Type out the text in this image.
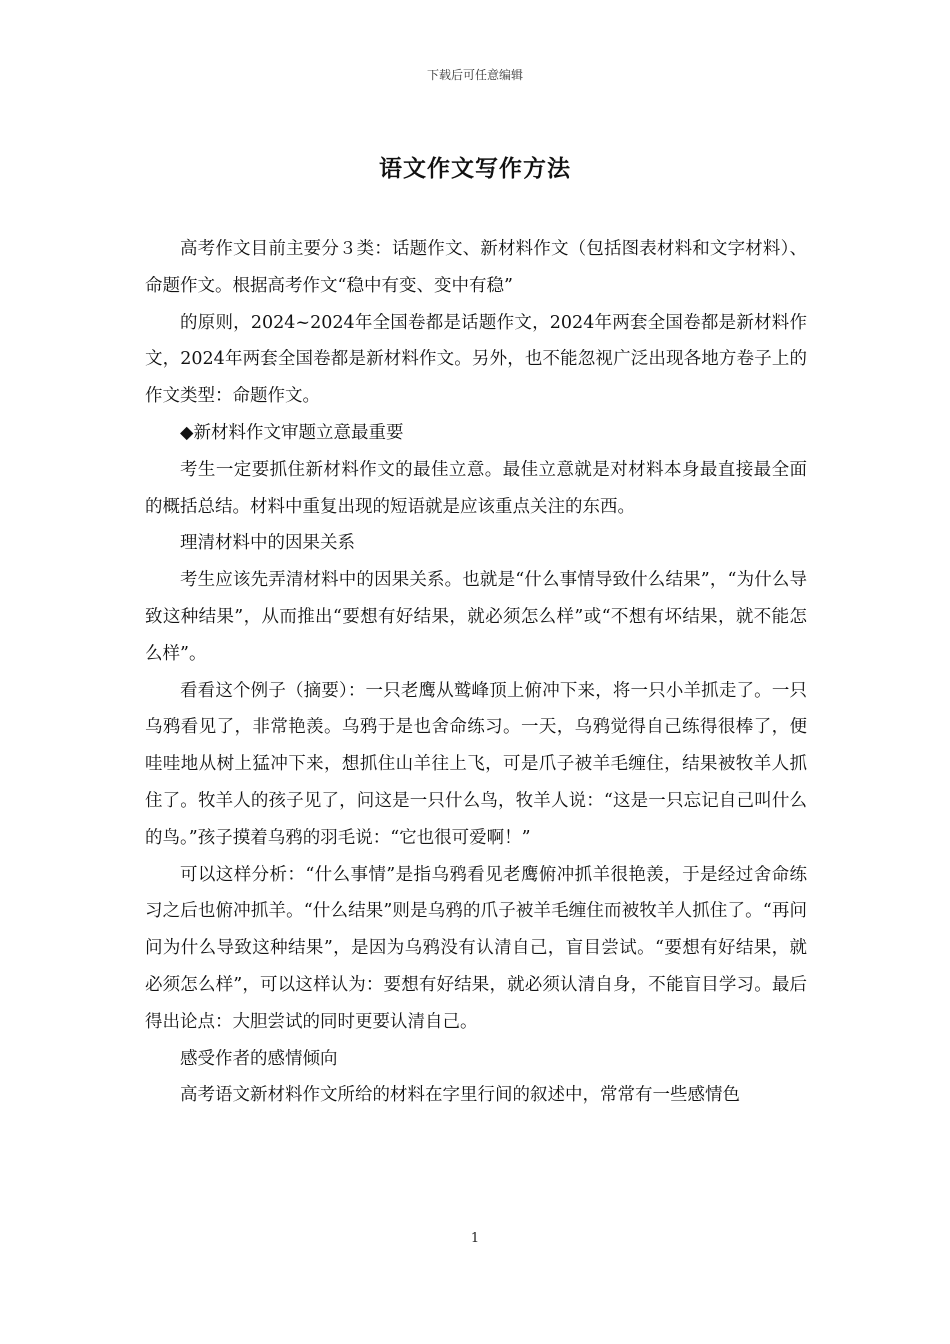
下载后可任意编辑
语文作文写作方法

高考作文目前主要分３类：话题作文、新材料作文（包括图表材料和文字材料）、命题作文。根据高考作文“稳中有变、变中有稳”

的原则，2024~2024年全国卷都是话题作文，2024年两套全国卷都是新材料作文，2024年两套全国卷都是新材料作文。另外，也不能忽视广泛出现各地方卷子上的作文类型：命题作文。

◆新材料作文审题立意最重要

考生一定要抓住新材料作文的最佳立意。最佳立意就是对材料本身最直接最全面的概括总结。材料中重复出现的短语就是应该重点关注的东西。

理清材料中的因果关系

考生应该先弄清材料中的因果关系。也就是“什么事情导致什么结果”，“为什么导致这种结果”，从而推出“要想有好结果，就必须怎么样”或“不想有坏结果，就不能怎么样”。

看看这个例子（摘要）：一只老鹰从鹫峰顶上俯冲下来，将一只小羊抓走了。一只乌鸦看见了，非常艳羡。乌鸦于是也舍命练习。一天，乌鸦觉得自己练得很棒了，便哇哇地从树上猛冲下来，想抓住山羊往上飞，可是爪子被羊毛缠住，结果被牧羊人抓住了。牧羊人的孩子见了，问这是一只什么鸟，牧羊人说：“这是一只忘记自己叫什么的鸟。”孩子摸着乌鸦的羽毛说：“它也很可爱啊！”

可以这样分析：“什么事情”是指乌鸦看见老鹰俯冲抓羊很艳羡，于是经过舍命练习之后也俯冲抓羊。“什么结果”则是乌鸦的爪子被羊毛缠住而被牧羊人抓住了。“再问问为什么导致这种结果”，是因为乌鸦没有认清自己，盲目尝试。“要想有好结果，就必须怎么样”，可以这样认为：要想有好结果，就必须认清自身，不能盲目学习。最后得出论点：大胆尝试的同时更要认清自己。

感受作者的感情倾向

高考语文新材料作文所给的材料在字里行间的叙述中，常常有一些感情色

1
